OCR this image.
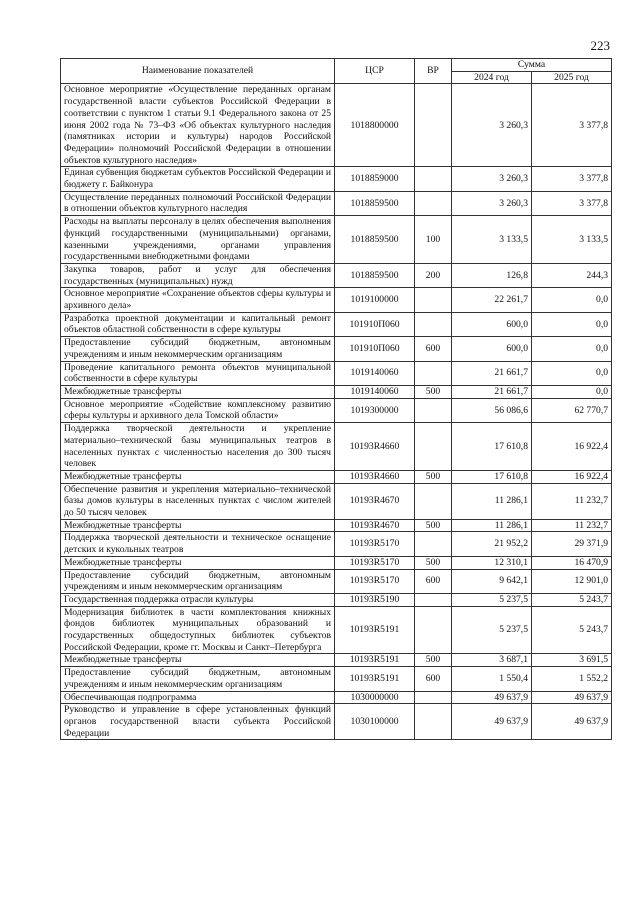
223
Наименование показателей	ЦСР	ВР	Сумма	
			2024 год	2025 год
Основное мероприятие «Осуществление переданных органам государственной власти субъектов Российской Федерации в соответствии с пунктом 1 статьи 9.1 Федерального закона от 25 июня 2002 года № 73–ФЗ «Об объектах культурного наследия (памятниках истории и культуры) народов Российской Федерации» полномочий Российской Федерации в отношении объектов культурного наследия»	1018800000		3 260,3	3 377,8
Единая субвенция бюджетам субъектов Российской Федерации и бюджету г. Байконура	1018859000		3 260,3	3 377,8
Осуществление переданных полномочий Российской Федерации в отношении объектов культурного наследия	1018859500		3 260,3	3 377,8
Расходы на выплаты персоналу в целях обеспечения выполнения функций государственными (муниципальными) органами, казенными учреждениями, органами управления государственными внебюджетными фондами	1018859500	100	3 133,5	3 133,5
Закупка товаров, работ и услуг для обеспечения государственных (муниципальных) нужд	1018859500	200	126,8	244,3
Основное мероприятие «Сохранение объектов сферы культуры и архивного дела»	1019100000		22 261,7	0,0
Разработка проектной документации и капитальный ремонт объектов областной собственности в сфере культуры	101910П060		600,0	0,0
Предоставление субсидий бюджетным, автономным учреждениям и иным некоммерческим организациям	101910П060	600	600,0	0,0
Проведение капитального ремонта объектов муниципальной собственности в сфере культуры	1019140060		21 661,7	0,0
Межбюджетные трансферты	1019140060	500	21 661,7	0,0
Основное мероприятие «Содействие комплексному развитию сферы культуры и архивного дела Томской области»	1019300000		56 086,6	62 770,7
Поддержка творческой деятельности и укрепление материально–технической базы муниципальных театров в населенных пунктах с численностью населения до 300 тысяч человек	10193R4660		17 610,8	16 922,4
Межбюджетные трансферты	10193R4660	500	17 610,8	16 922,4
Обеспечение развития и укрепления материально–технической базы домов культуры в населенных пунктах с числом жителей до 50 тысяч человек	10193R4670		11 286,1	11 232,7
Межбюджетные трансферты	10193R4670	500	11 286,1	11 232,7
Поддержка творческой деятельности и техническое оснащение детских и кукольных театров	10193R5170		21 952,2	29 371,9
Межбюджетные трансферты	10193R5170	500	12 310,1	16 470,9
Предоставление субсидий бюджетным, автономным учреждениям и иным некоммерческим организациям	10193R5170	600	9 642,1	12 901,0
Государственная поддержка отрасли культуры	10193R5190		5 237,5	5 243,7
Модернизация библиотек в части комплектования книжных фондов библиотек муниципальных образований и государственных общедоступных библиотек субъектов Российской Федерации, кроме гг. Москвы и Санкт–Петербурга	10193R5191		5 237,5	5 243,7
Межбюджетные трансферты	10193R5191	500	3 687,1	3 691,5
Предоставление субсидий бюджетным, автономным учреждениям и иным некоммерческим организациям	10193R5191	600	1 550,4	1 552,2
Обеспечивающая подпрограмма	1030000000		49 637,9	49 637,9
Руководство и управление в сфере установленных функций органов государственной власти субъекта Российской Федерации	1030100000		49 637,9	49 637,9
